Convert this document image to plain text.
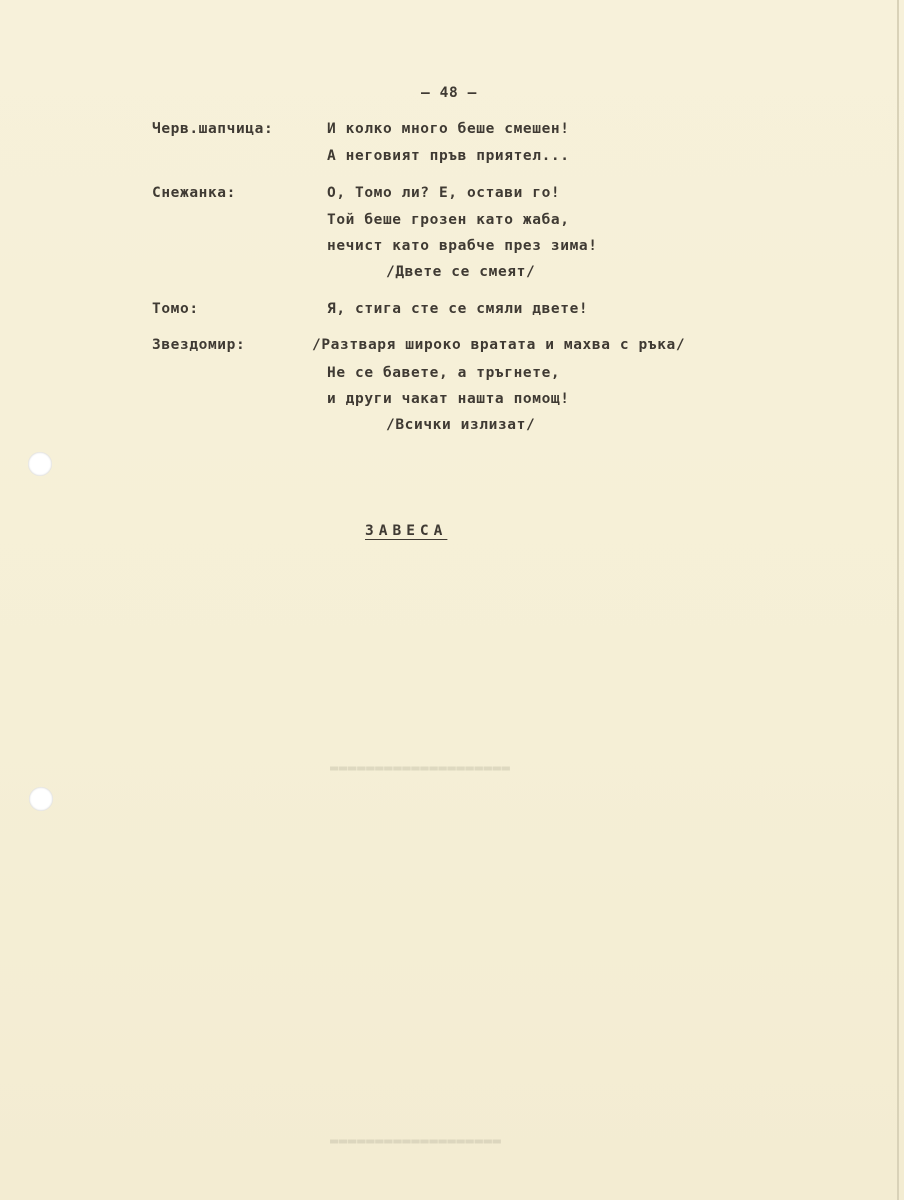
▬▬▬▬▬▬▬▬▬▬▬▬▬▬▬▬▬▬▬▬
▬▬▬▬▬▬▬▬▬▬▬▬▬▬▬▬▬▬▬
– 48 –
Черв.шапчица:	И колко много беше смешен!
А неговият пръв приятел...
Снежанка:	О, Томо ли? Е, остави го!
Той беше грозен като жаба,
нечист като врабче през зима!
/Двете се смеят/
Томо:	Я, стига сте се смяли двете!
Звездомир:	/Разтваря широко вратата и махва с ръка/
Не се бавете, а тръгнете,
и други чакат нашта помощ!
/Всички излизат/
ЗАВЕСА
